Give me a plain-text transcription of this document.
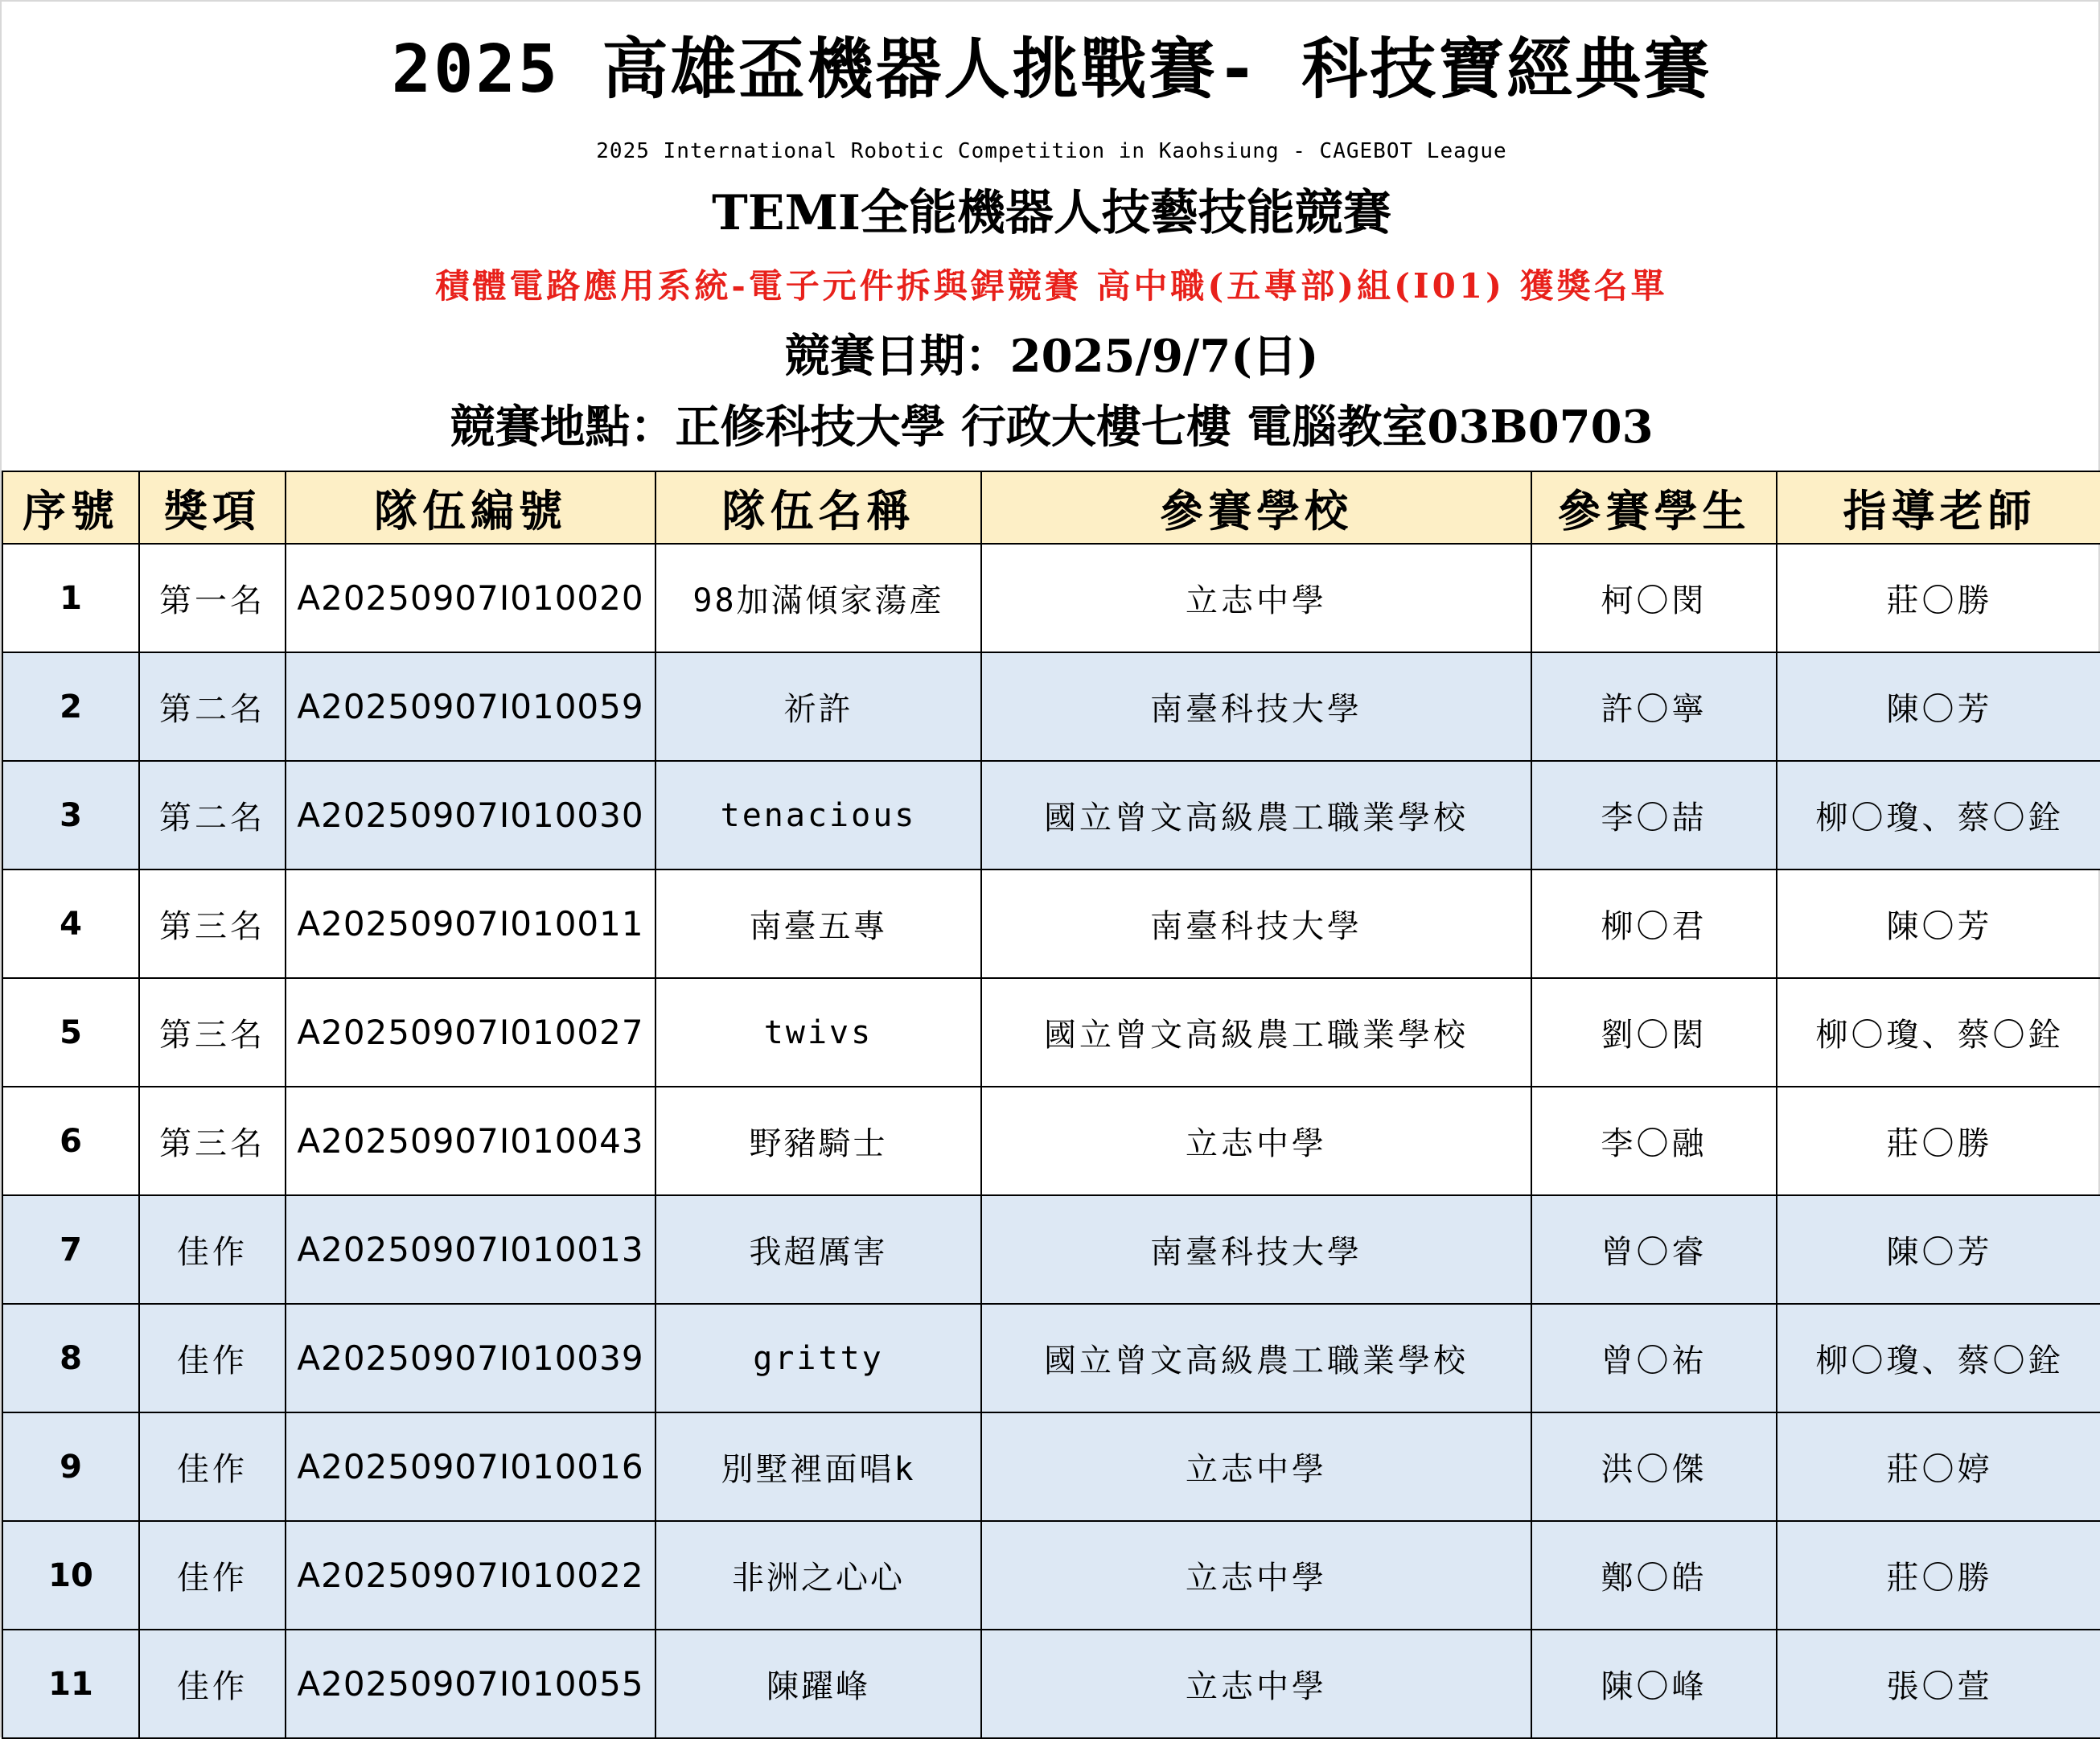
2025 高雄盃機器人挑戰賽- 科技寶經典賽
2025 International Robotic Competition in Kaohsiung - CAGEBOT League
TEMI全能機器人技藝技能競賽
積體電路應用系統-電子元件拆與銲競賽 高中職(五專部)組(I01) 獲獎名單
競賽日期：2025/9/7(日)
競賽地點：正修科技大學 行政大樓七樓 電腦教室03B0703
序號	獎項	隊伍編號	隊伍名稱	參賽學校	參賽學生	指導老師
1	第一名	A20250907I010020	98加滿傾家蕩產	立志中學	柯〇閔	莊〇勝
2	第二名	A20250907I010059	祈許	南臺科技大學	許〇寧	陳〇芳
3	第二名	A20250907I010030	tenacious	國立曾文高級農工職業學校	李〇喆	柳〇瓊、蔡〇銓
4	第三名	A20250907I010011	南臺五專	南臺科技大學	柳〇君	陳〇芳
5	第三名	A20250907I010027	twivs	國立曾文高級農工職業學校	劉〇閎	柳〇瓊、蔡〇銓
6	第三名	A20250907I010043	野豬騎士	立志中學	李〇融	莊〇勝
7	佳作	A20250907I010013	我超厲害	南臺科技大學	曾〇睿	陳〇芳
8	佳作	A20250907I010039	gritty	國立曾文高級農工職業學校	曾〇祐	柳〇瓊、蔡〇銓
9	佳作	A20250907I010016	別墅裡面唱k	立志中學	洪〇傑	莊〇婷
10	佳作	A20250907I010022	非洲之心心	立志中學	鄭〇皓	莊〇勝
11	佳作	A20250907I010055	陳躍峰	立志中學	陳〇峰	張〇萱
